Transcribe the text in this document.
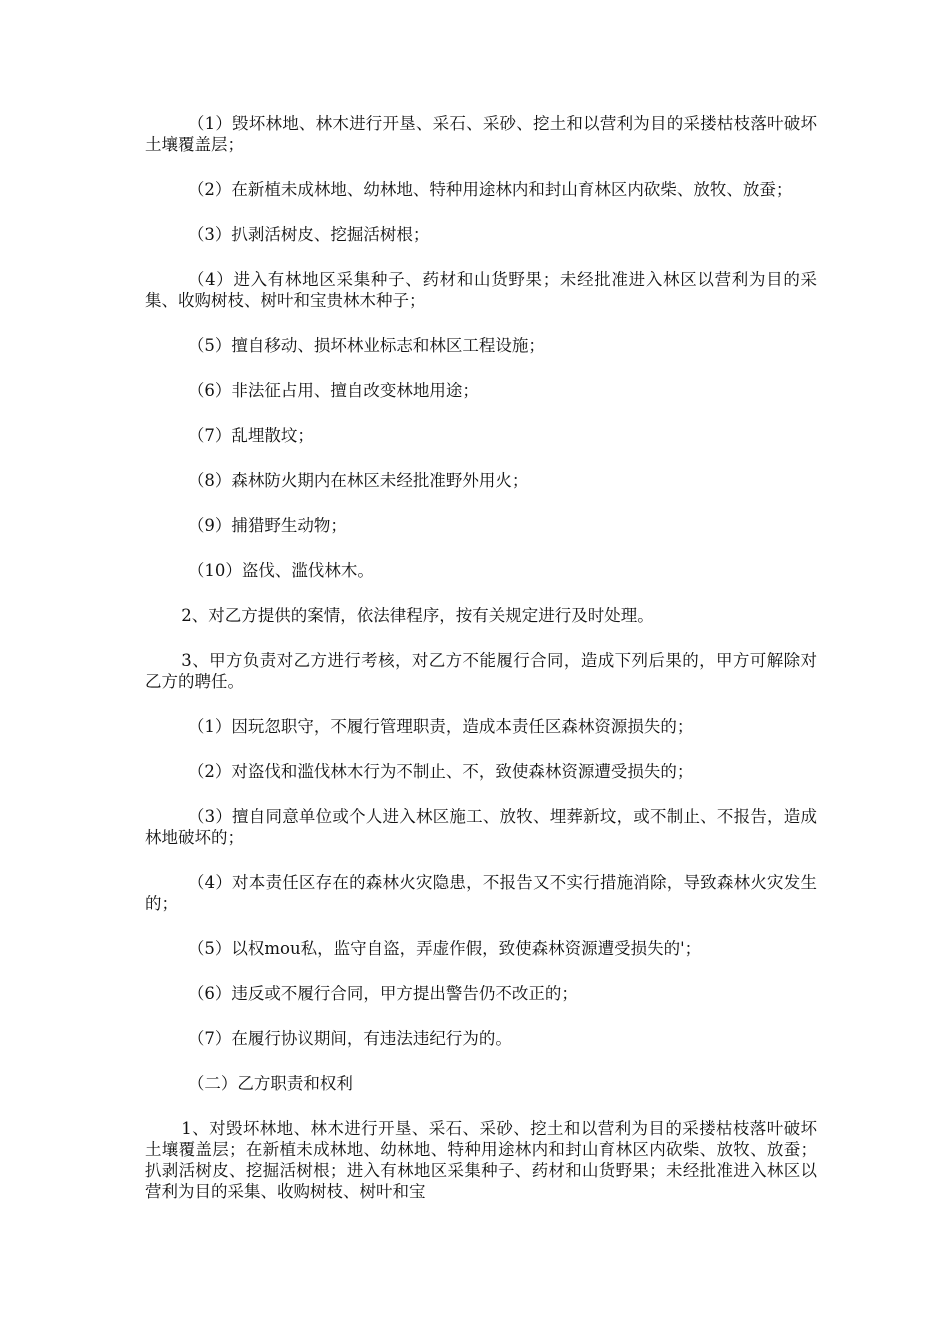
（1）毁坏林地、林木进行开垦、采石、采砂、挖土和以营利为目的采搂枯枝落叶破坏土壤覆盖层；

（2）在新植未成林地、幼林地、特种用途林内和封山育林区内砍柴、放牧、放蚕；

（3）扒剥活树皮、挖掘活树根；

（4）进入有林地区采集种子、药材和山货野果；未经批准进入林区以营利为目的采集、收购树枝、树叶和宝贵林木种子；

（5）擅自移动、损坏林业标志和林区工程设施；

（6）非法征占用、擅自改变林地用途；

（7）乱埋散坟；

（8）森林防火期内在林区未经批准野外用火；

（9）捕猎野生动物；

（10）盗伐、滥伐林木。

2、对乙方提供的案情，依法律程序，按有关规定进行及时处理。

3、甲方负责对乙方进行考核，对乙方不能履行合同，造成下列后果的，甲方可解除对乙方的聘任。

（1）因玩忽职守，不履行管理职责，造成本责任区森林资源损失的；

（2）对盗伐和滥伐林木行为不制止、不，致使森林资源遭受损失的；

（3）擅自同意单位或个人进入林区施工、放牧、埋葬新坟，或不制止、不报告，造成林地破坏的；

（4）对本责任区存在的森林火灾隐患，不报告又不实行措施消除，导致森林火灾发生的；

（5）以权mou私，监守自盗，弄虚作假，致使森林资源遭受损失的'；

（6）违反或不履行合同，甲方提出警告仍不改正的；

（7）在履行协议期间，有违法违纪行为的。

（二）乙方职责和权利

1、对毁坏林地、林木进行开垦、采石、采砂、挖土和以营利为目的采搂枯枝落叶破坏土壤覆盖层；在新植未成林地、幼林地、特种用途林内和封山育林区内砍柴、放牧、放蚕；扒剥活树皮、挖掘活树根；进入有林地区采集种子、药材和山货野果；未经批准进入林区以营利为目的采集、收购树枝、树叶和宝
